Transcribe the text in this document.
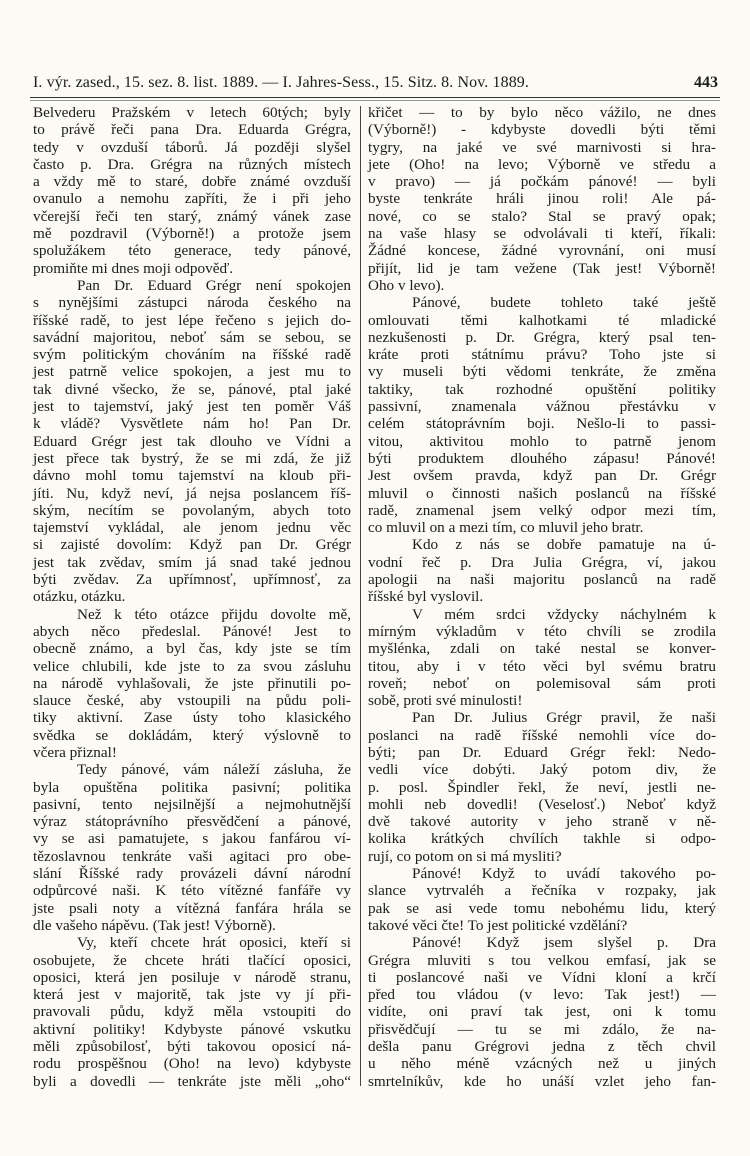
I. výr. zased., 15. sez. 8. list. 1889. — I. Jahres-Sess., 15. Sitz. 8. Nov. 1889.	443
Belvederu Pražském v letech 60tých; byly
to právě řeči pana Dra. Eduarda Grégra,
tedy v ovzduší táborů. Já později slyšel
často p. Dra. Grégra na různých místech
a vždy mě to staré, dobře známé ovzduší
ovanulo a nemohu zapříti, že i při jeho
včerejší řeči ten starý, známý vánek zase
mě pozdravil (Výborně!) a protože jsem
spolužákem této generace, tedy pánové,
promiňte mi dnes moji odpověď.
Pan Dr. Eduard Grégr není spokojen
s nynějšími zástupci národa českého na
říšské radě, to jest lépe řečeno s jejich do-
savádní majoritou, neboť sám se sebou, se
svým politickým chováním na říšské radě
jest patrně velice spokojen, a jest mu to
tak divné všecko, že se, pánové, ptal jaké
jest to tajemství, jaký jest ten poměr Váš
k vládě? Vysvětlete nám ho! Pan Dr.
Eduard Grégr jest tak dlouho ve Vídni a
jest přece tak bystrý, že se mi zdá, že již
dávno mohl tomu tajemství na kloub při-
jíti. Nu, když neví, já nejsa poslancem říš-
ským, necítím se povolaným, abych toto
tajemství vykládal, ale jenom jednu věc
si zajisté dovolím: Když pan Dr. Grégr
jest tak zvědav, smím já snad také jednou
býti zvědav. Za upřímnosť, upřímnosť, za
otázku, otázku.
Než k této otázce přijdu dovolte mě,
abych něco předeslal. Pánové! Jest to
obecně známo, a byl čas, kdy jste se tím
velice chlubili, kde jste to za svou zásluhu
na národě vyhlašovali, že jste přinutili po-
slauce české, aby vstoupili na půdu poli-
tiky aktivní. Zase ústy toho klasického
svědka se dokládám, který výslovně to
včera přiznal!
Tedy pánové, vám náleží zásluha, že
byla opuštěna politika pasivní; politika
pasivní, tento nejsilnější a nejmohutnější
výraz státoprávního přesvědčení a pánové,
vy se asi pamatujete, s jakou fanfárou ví-
tězoslavnou tenkráte vaši agitaci pro obe-
slání Říšské rady provázeli dávní národní
odpůrcové naši. K této vítězné fanfáře vy
jste psali noty a vítězná fanfára hrála se
dle vašeho nápěvu. (Tak jest! Výborně).
Vy, kteří chcete hrát oposici, kteří si
osobujete, že chcete hráti tlačící oposici,
oposici, která jen posiluje v národě stranu,
která jest v majoritě, tak jste vy jí při-
pravovali půdu, když měla vstoupiti do
aktivní politiky! Kdybyste pánové vskutku
měli způsobilosť, býti takovou oposicí ná-
rodu prospěšnou (Oho! na levo) kdybyste
byli a dovedli — tenkráte jste měli „oho“
křičet — to by bylo něco vážilo, ne dnes
(Výborně!) - kdybyste dovedli býti těmi
tygry, na jaké ve své marnivosti si hra-
jete (Oho! na levo; Výborně ve středu a
v pravo) — já počkám pánové! — byli
byste tenkráte hráli jinou roli! Ale pá-
nové, co se stalo? Stal se pravý opak;
na vaše hlasy se odvolávali ti kteří, říkali:
Žádné koncese, žádné vyrovnání, oni musí
přijít, lid je tam vežene (Tak jest! Výborně!
Oho v levo).
Pánové, budete tohleto také ještě
omlouvati těmi kalhotkami té mladické
nezkušenosti p. Dr. Grégra, který psal ten-
kráte proti státnímu právu? Toho jste si
vy museli býti vědomi tenkráte, že změna
taktiky, tak rozhodné opuštění politiky
passivní, znamenala vážnou přestávku v
celém státoprávním boji. Nešlo-li to passi-
vitou, aktivitou mohlo to patrně jenom
býti produktem dlouhého zápasu! Pánové!
Jest ovšem pravda, když pan Dr. Grégr
mluvil o činnosti našich poslanců na říšské
radě, znamenal jsem velký odpor mezi tím,
co mluvil on a mezi tím, co mluvil jeho bratr.
Kdo z nás se dobře pamatuje na ú-
vodní řeč p. Dra Julia Grégra, ví, jakou
apologii na naši majoritu poslanců na radě
říšské byl vyslovil.
V mém srdci vždycky náchylném k
mírným výkladům v této chvíli se zrodila
myšlénka, zdali on také nestal se konver-
titou, aby i v této věci byl svému bratru
roveň; neboť on polemisoval sám proti
sobě, proti své minulosti!
Pan Dr. Julius Grégr pravil, že naši
poslanci na radě říšské nemohli více do-
býti; pan Dr. Eduard Grégr řekl: Nedo-
vedli více dobýti. Jaký potom div, že
p. posl. Špindler řekl, že neví, jestli ne-
mohli neb dovedli! (Veselosť.) Neboť když
dvě takové autority v jeho straně v ně-
kolika krátkých chvílích takhle si odpo-
rují, co potom on si má mysliti?
Pánové! Když to uvádí takového po-
slance vytrvaléh a řečníka v rozpaky, jak
pak se asi vede tomu nebohému lidu, který
takové věci čte! To jest politické vzdělání?
Pánové! Když jsem slyšel p. Dra
Grégra mluviti s tou velkou emfasí, jak se
ti poslancové naši ve Vídni kloní a krčí
před tou vládou (v levo: Tak jest!) —
vidíte, oni praví tak jest, oni k tomu
přisvědčují — tu se mi zdálo, že na-
dešla panu Grégrovi jedna z těch chvil
u něho méně vzácných než u jiných
smrtelníkův, kde ho unáší vzlet jeho fan-
